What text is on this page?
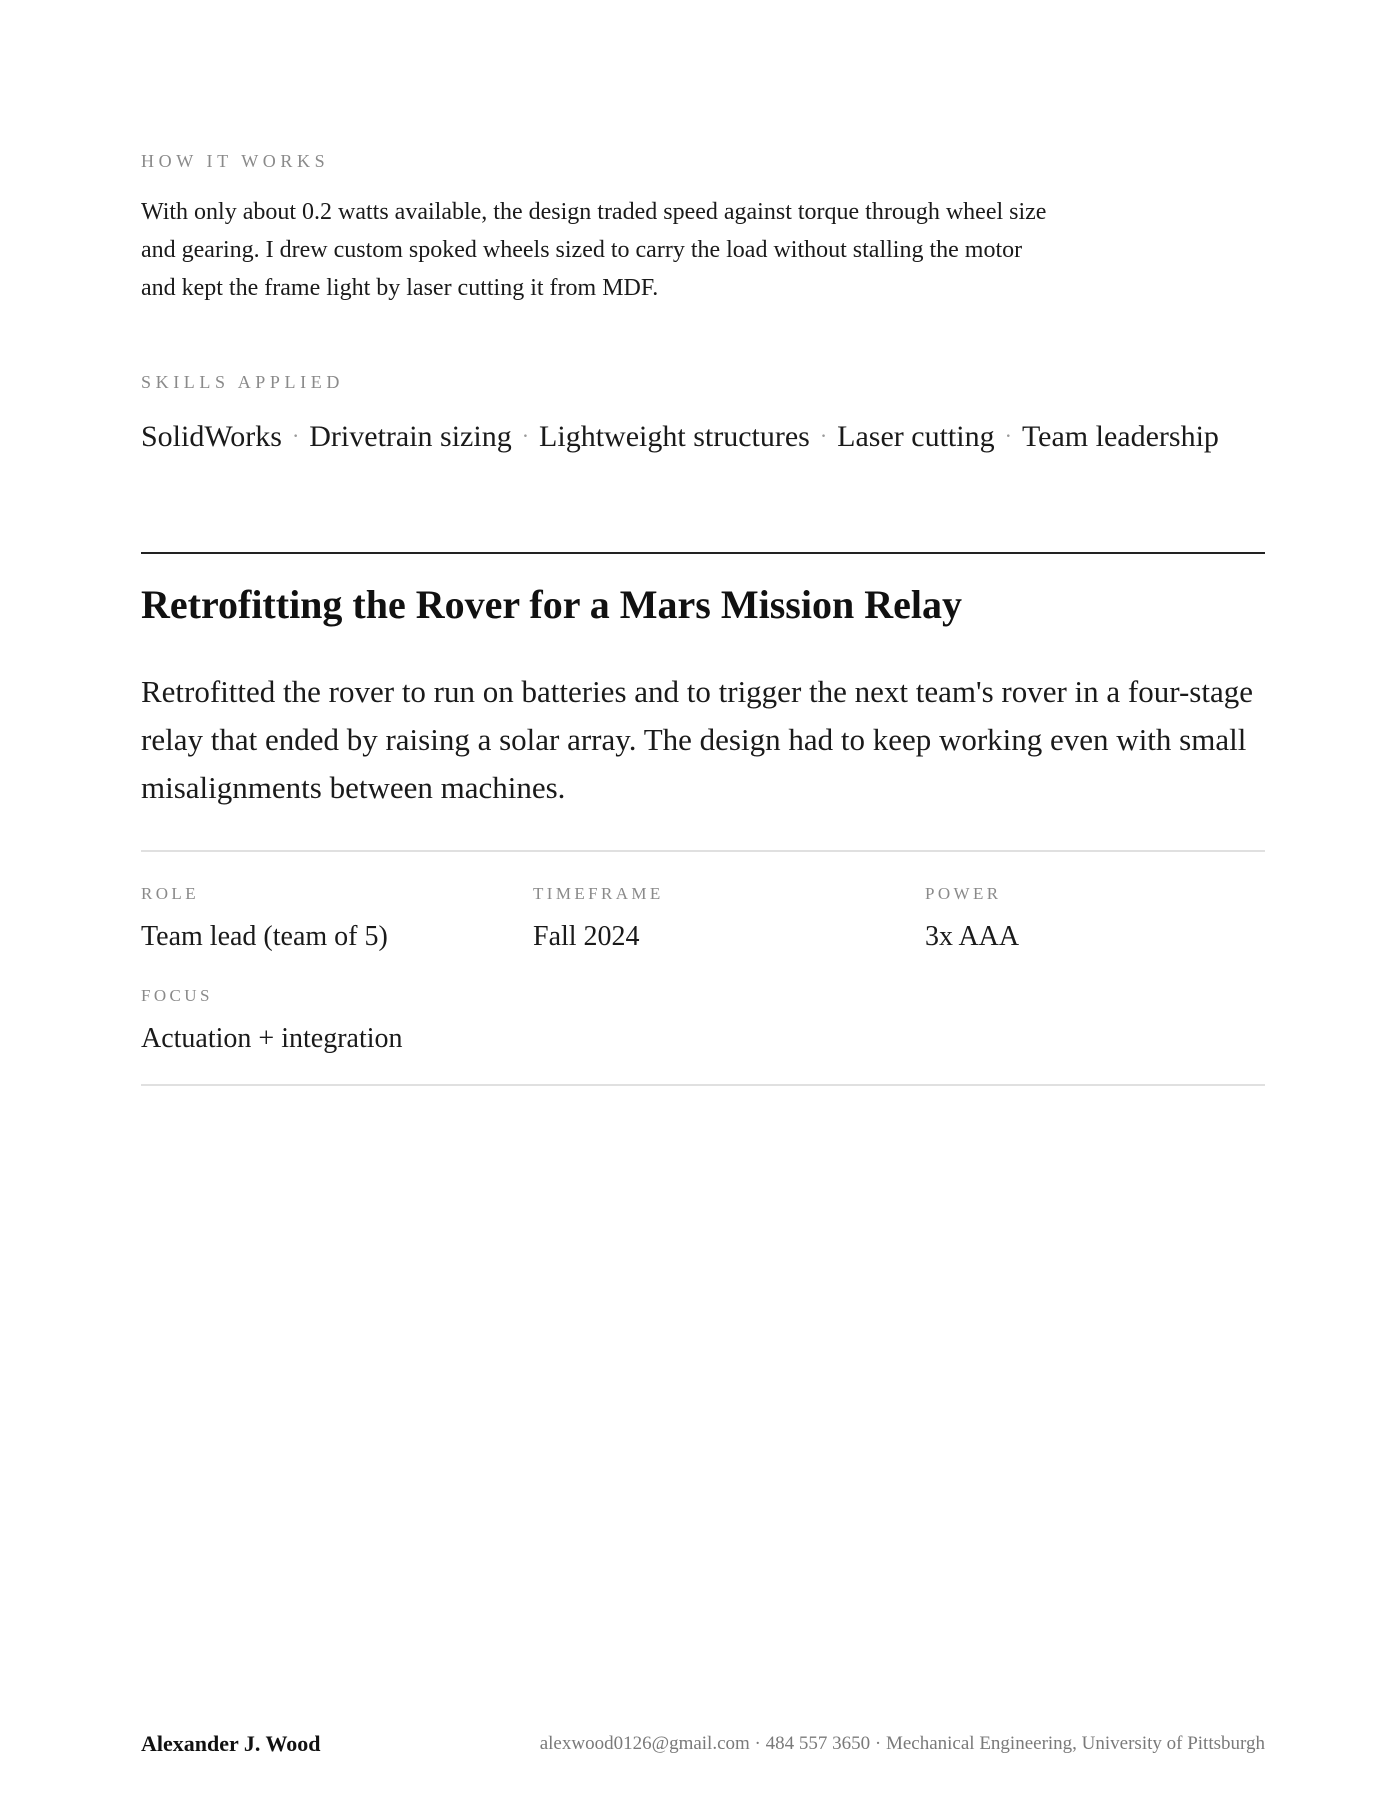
HOW IT WORKS
With only about 0.2 watts available, the design traded speed against torque through wheel size and gearing. I drew custom spoked wheels sized to carry the load without stalling the motor and kept the frame light by laser cutting it from MDF.
SKILLS APPLIED
SolidWorks · Drivetrain sizing · Lightweight structures · Laser cutting · Team leadership
Retrofitting the Rover for a Mars Mission Relay
Retrofitted the rover to run on batteries and to trigger the next team's rover in a four-stage relay that ended by raising a solar array. The design had to keep working even with small misalignments between machines.
ROLE
Team lead (team of 5)
TIMEFRAME
Fall 2024
POWER
3x AAA
FOCUS
Actuation + integration
Alexander J. Wood	alexwood0126@gmail.com · 484 557 3650 · Mechanical Engineering, University of Pittsburgh
